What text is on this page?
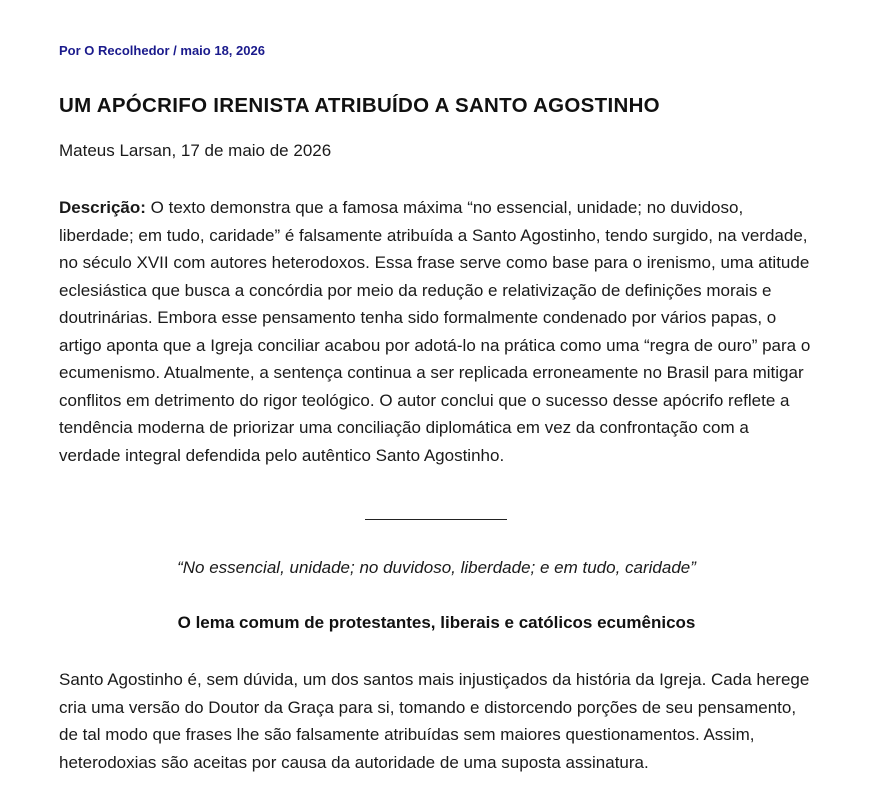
Por O Recolhedor / maio 18, 2026
UM APÓCRIFO IRENISTA ATRIBUÍDO A SANTO AGOSTINHO
Mateus Larsan, 17 de maio de 2026

Descrição: O texto demonstra que a famosa máxima “no essencial, unidade; no duvidoso, liberdade; em tudo, caridade” é falsamente atribuída a Santo Agostinho, tendo surgido, na verdade, no século XVII com autores heterodoxos. Essa frase serve como base para o irenismo, uma atitude eclesiástica que busca a concórdia por meio da redução e relativização de definições morais e doutrinárias. Embora esse pensamento tenha sido formalmente condenado por vários papas, o artigo aponta que a Igreja conciliar acabou por adotá-lo na prática como uma “regra de ouro” para o ecumenismo. Atualmente, a sentença continua a ser replicada erroneamente no Brasil para mitigar conflitos em detrimento do rigor teológico. O autor conclui que o sucesso desse apócrifo reflete a tendência moderna de priorizar uma conciliação diplomática em vez da confrontação com a verdade integral defendida pelo autêntico Santo Agostinho.

“No essencial, unidade; no duvidoso, liberdade; e em tudo, caridade”

O lema comum de protestantes, liberais e católicos ecumênicos

Santo Agostinho é, sem dúvida, um dos santos mais injustiçados da história da Igreja. Cada herege cria uma versão do Doutor da Graça para si, tomando e distorcendo porções de seu pensamento, de tal modo que frases lhe são falsamente atribuídas sem maiores questionamentos. Assim, heterodoxias são aceitas por causa da autoridade de uma suposta assinatura.
